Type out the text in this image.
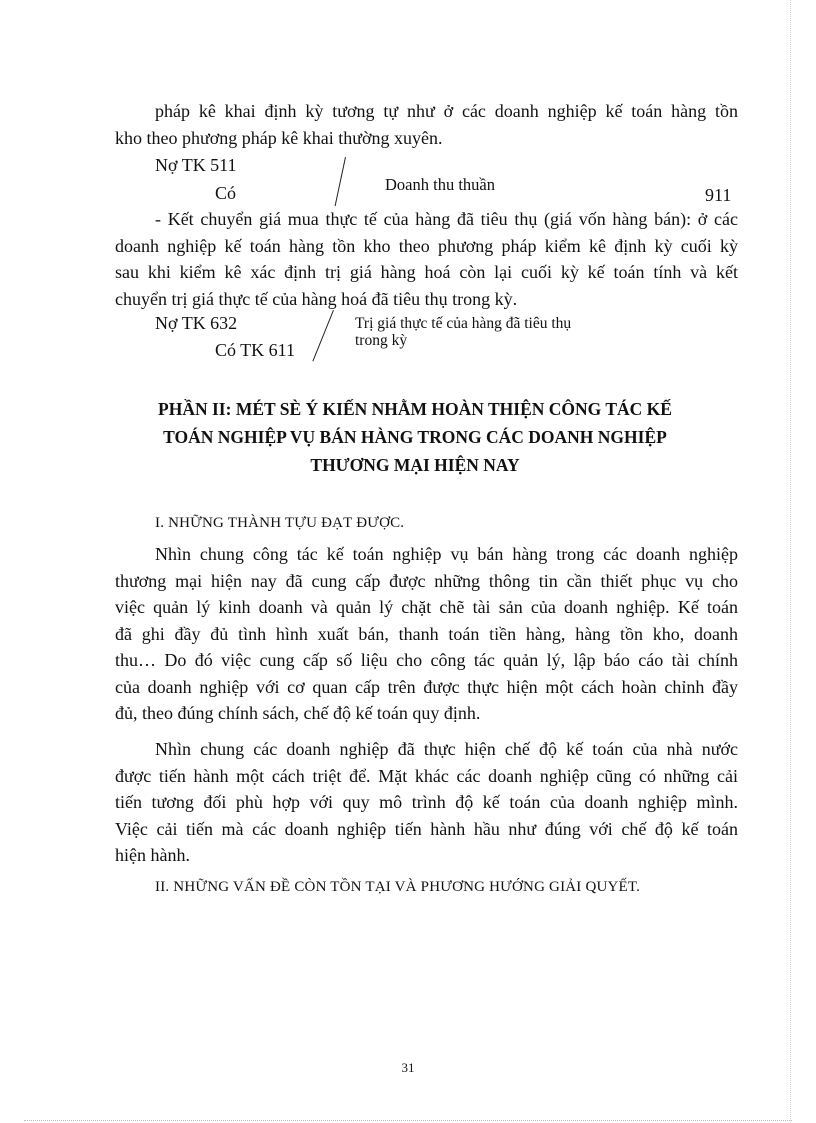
pháp kê khai định kỳ tương tự như ở các doanh nghiệp kế toán hàng tồn
kho theo phương pháp kê khai thường xuyên.
Nợ TK 511
Có	Doanh thu thuần
911
- Kết chuyển giá mua thực tế của hàng đã tiêu thụ (giá vốn hàng bán): ở các
doanh nghiệp kế toán hàng tồn kho theo phương pháp kiểm kê định kỳ cuối kỳ
sau khi kiểm kê xác định trị giá hàng hoá còn lại cuối kỳ kế toán tính và kết
chuyển trị giá thực tế của hàng hoá đã tiêu thụ trong kỳ.
Nợ TK 632
Có TK 611
Trị giá thực tế của hàng đã tiêu thụ
trong kỳ
PHẦN II: MÉT SÈ Ý KIẾN NHẰM HOÀN THIỆN CÔNG TÁC KẾ
TOÁN NGHIỆP VỤ BÁN HÀNG TRONG CÁC DOANH NGHIỆP
THƯƠNG MẠI HIỆN NAY
I. NHỮNG THÀNH TỰU ĐẠT ĐƯỢC.
Nhìn chung công tác kế toán nghiệp vụ bán hàng trong các doanh nghiệp
thương mại hiện nay đã cung cấp được những thông tin cần thiết phục vụ cho
việc quản lý kinh doanh và quản lý chặt chẽ tài sản của doanh nghiệp. Kế toán
đã ghi đầy đủ tình hình xuất bán, thanh toán tiền hàng, hàng tồn kho, doanh
thu… Do đó việc cung cấp số liệu cho công tác quản lý, lập báo cáo tài chính
của doanh nghiệp với cơ quan cấp trên được thực hiện một cách hoàn chỉnh đầy
đủ, theo đúng chính sách, chế độ kế toán quy định.
Nhìn chung các doanh nghiệp đã thực hiện chế độ kế toán của nhà nước
được tiến hành một cách triệt để. Mặt khác các doanh nghiệp cũng có những cải
tiến tương đối phù hợp với quy mô trình độ kế toán của doanh nghiệp mình.
Việc cải tiến mà các doanh nghiệp tiến hành hầu như đúng với chế độ kế toán
hiện hành.
II. NHỮNG VẤN ĐỀ CÒN TỒN TẠI VÀ PHƯƠNG HƯỚNG GIẢI QUYẾT.
31
